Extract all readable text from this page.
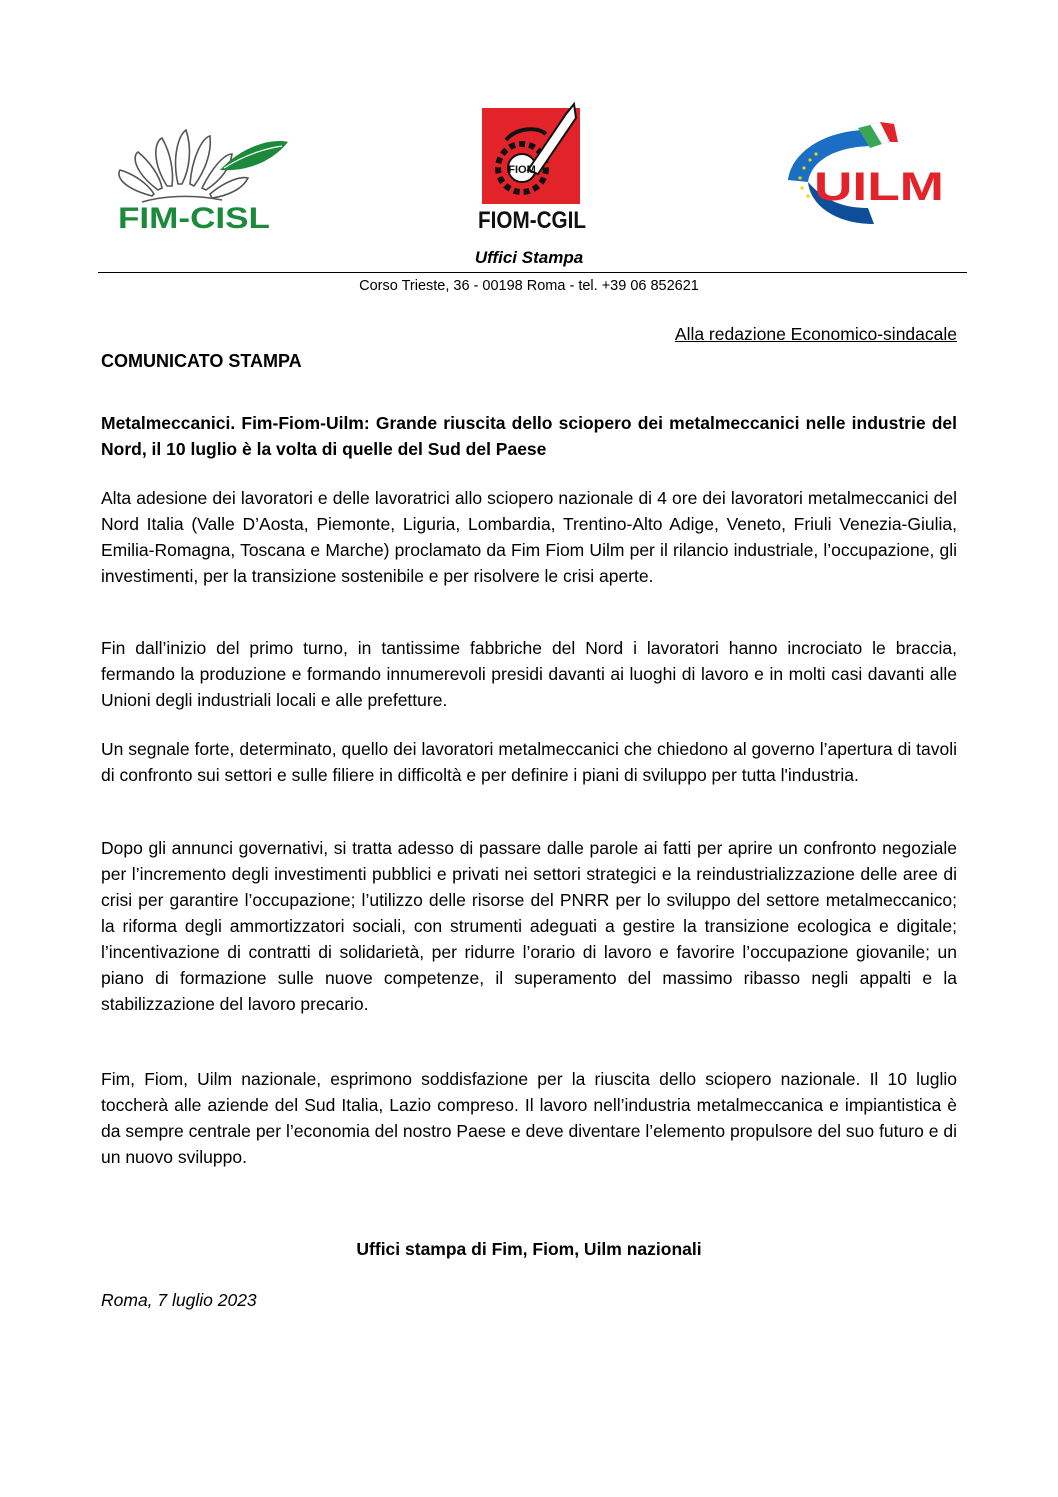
FIM-CISL
FIOM
FIOM-CGIL
UILM
Uffici Stampa
Corso Trieste, 36 - 00198 Roma - tel. +39 06 852621
Alla redazione Economico-sindacale
COMUNICATO STAMPA
Metalmeccanici. Fim-Fiom-Uilm: Grande riuscita dello sciopero dei metalmeccanici nelle industrie del Nord, il 10 luglio è la volta di quelle del Sud del Paese
Alta adesione dei lavoratori e delle lavoratrici allo sciopero nazionale di 4 ore dei lavoratori metalmeccanici del Nord Italia (Valle D’Aosta, Piemonte, Liguria, Lombardia, Trentino-Alto Adige, Veneto, Friuli Venezia-Giulia, Emilia-Romagna, Toscana e Marche) proclamato da Fim Fiom Uilm per il rilancio industriale, l’occupazione, gli investimenti, per la transizione sostenibile e per risolvere le crisi aperte.
Fin dall’inizio del primo turno, in tantissime fabbriche del Nord i lavoratori hanno incrociato le braccia, fermando la produzione e formando innumerevoli presidi davanti ai luoghi di lavoro e in molti casi davanti alle Unioni degli industriali locali e alle prefetture.
Un segnale forte, determinato, quello dei lavoratori metalmeccanici che chiedono al governo l’apertura di tavoli di confronto sui settori e sulle filiere in difficoltà e per definire i piani di sviluppo per tutta l'industria.
Dopo gli annunci governativi, si tratta adesso di passare dalle parole ai fatti per aprire un confronto negoziale per l’incremento degli investimenti pubblici e privati nei settori strategici e la reindustrializzazione delle aree di crisi per garantire l’occupazione; l’utilizzo delle risorse del PNRR per lo sviluppo del settore metalmeccanico; la riforma degli ammortizzatori sociali, con strumenti adeguati a gestire la transizione ecologica e digitale; l’incentivazione di contratti di solidarietà, per ridurre l’orario di lavoro e favorire l’occupazione giovanile; un piano di formazione sulle nuove competenze, il superamento del massimo ribasso negli appalti e la stabilizzazione del lavoro precario.
Fim, Fiom, Uilm nazionale, esprimono soddisfazione per la riuscita dello sciopero nazionale. Il 10 luglio toccherà alle aziende del Sud Italia, Lazio compreso. Il lavoro nell’industria metalmeccanica e impiantistica è da sempre centrale per l’economia del nostro Paese e deve diventare l’elemento propulsore del suo futuro e di un nuovo sviluppo.
Uffici stampa di Fim, Fiom, Uilm nazionali
Roma, 7 luglio 2023
